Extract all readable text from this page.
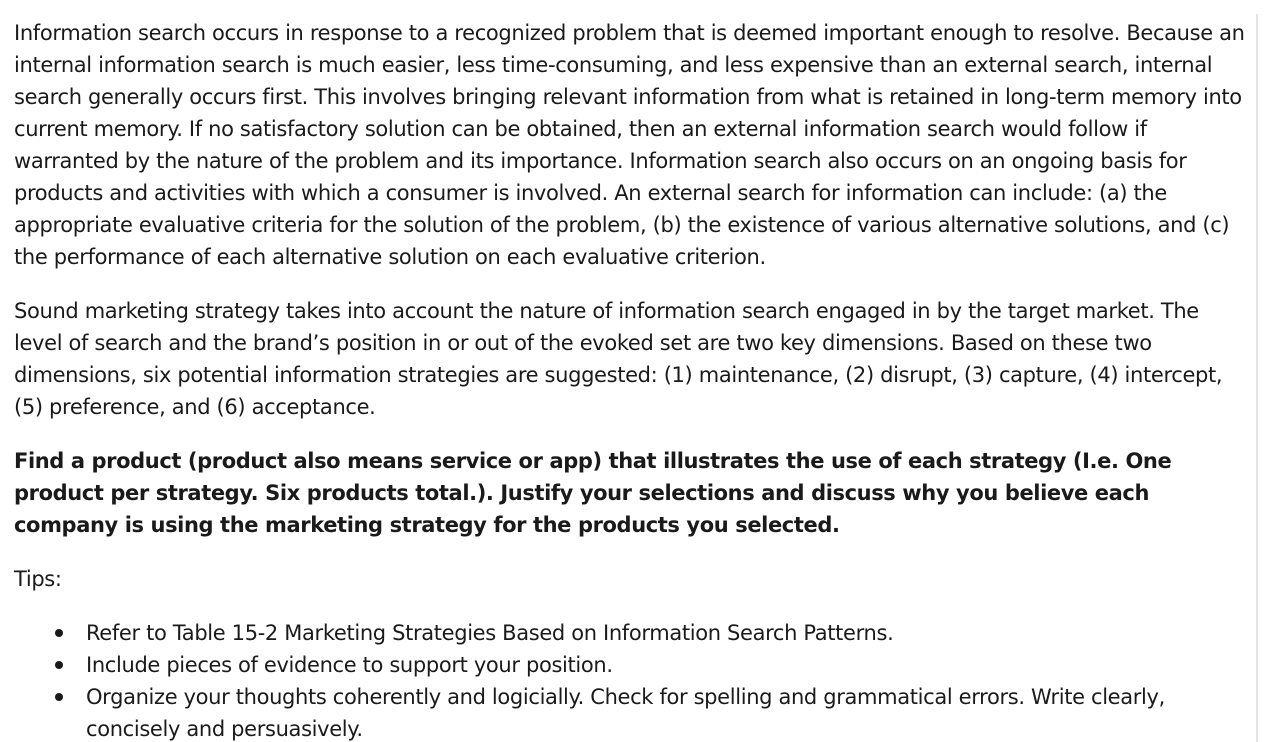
Information search occurs in response to a recognized problem that is deemed important enough to resolve. Because an internal information search is much easier, less time-consuming, and less expensive than an external search, internal search generally occurs first. This involves bringing relevant information from what is retained in long-term memory into current memory. If no satisfactory solution can be obtained, then an external information search would follow if warranted by the nature of the problem and its importance. Information search also occurs on an ongoing basis for products and activities with which a consumer is involved. An external search for information can include: (a) the appropriate evaluative criteria for the solution of the problem, (b) the existence of various alternative solutions, and (c) the performance of each alternative solution on each evaluative criterion.

Sound marketing strategy takes into account the nature of information search engaged in by the target market. The level of search and the brand’s position in or out of the evoked set are two key dimensions. Based on these two dimensions, six potential information strategies are suggested: (1) maintenance, (2) disrupt, (3) capture, (4) intercept, (5) preference, and (6) acceptance.

Find a product (product also means service or app) that illustrates the use of each strategy (I.e. One product per strategy. Six products total.). Justify your selections and discuss why you believe each company is using the marketing strategy for the products you selected.

Tips:

Refer to Table 15-2 Marketing Strategies Based on Information Search Patterns.
Include pieces of evidence to support your position.
Organize your thoughts coherently and logicially. Check for spelling and grammatical errors. Write clearly, concisely and persuasively.
